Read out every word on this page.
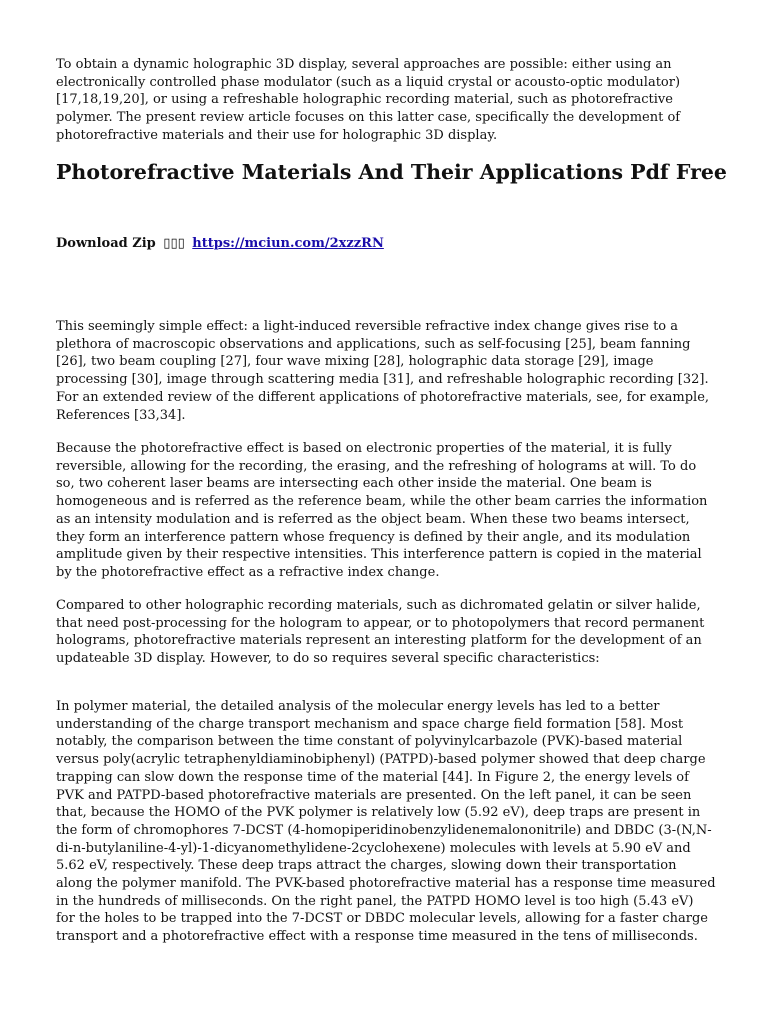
To obtain a dynamic holographic 3D display, several approaches are possible: either using an electronically controlled phase modulator (such as a liquid crystal or acousto-optic modulator) [17,18,19,20], or using a refreshable holographic recording material, such as photorefractive polymer. The present review article focuses on this latter case, specifically the development of photorefractive materials and their use for holographic 3D display.

Photorefractive Materials And Their Applications Pdf Free
Download Zip ▯▯▯ https://mciun.com/2xzzRN

This seemingly simple effect: a light-induced reversible refractive index change gives rise to a plethora of macroscopic observations and applications, such as self-focusing [25], beam fanning [26], two beam coupling [27], four wave mixing [28], holographic data storage [29], image processing [30], image through scattering media [31], and refreshable holographic recording [32]. For an extended review of the different applications of photorefractive materials, see, for example, References [33,34].

Because the photorefractive effect is based on electronic properties of the material, it is fully reversible, allowing for the recording, the erasing, and the refreshing of holograms at will. To do so, two coherent laser beams are intersecting each other inside the material. One beam is homogeneous and is referred as the reference beam, while the other beam carries the information as an intensity modulation and is referred as the object beam. When these two beams intersect, they form an interference pattern whose frequency is defined by their angle, and its modulation amplitude given by their respective intensities. This interference pattern is copied in the material by the photorefractive effect as a refractive index change.

Compared to other holographic recording materials, such as dichromated gelatin or silver halide, that need post-processing for the hologram to appear, or to photopolymers that record permanent holograms, photorefractive materials represent an interesting platform for the development of an updateable 3D display. However, to do so requires several specific characteristics:

In polymer material, the detailed analysis of the molecular energy levels has led to a better understanding of the charge transport mechanism and space charge field formation [58]. Most notably, the comparison between the time constant of polyvinylcarbazole (PVK)-based material versus poly(acrylic tetraphenyldiaminobiphenyl) (PATPD)-based polymer showed that deep charge trapping can slow down the response time of the material [44]. In Figure 2, the energy levels of PVK and PATPD-based photorefractive materials are presented. On the left panel, it can be seen that, because the HOMO of the PVK polymer is relatively low (5.92 eV), deep traps are present in the form of chromophores 7-DCST (4-homopiperidinobenzylidenemalononitrile) and DBDC (3-(N,N-di-n-butylaniline-4-yl)-1-dicyanomethylidene-2cyclohexene) molecules with levels at 5.90 eV and 5.62 eV, respectively. These deep traps attract the charges, slowing down their transportation along the polymer manifold. The PVK-based photorefractive material has a response time measured in the hundreds of milliseconds. On the right panel, the PATPD HOMO level is too high (5.43 eV) for the holes to be trapped into the 7-DCST or DBDC molecular levels, allowing for a faster charge transport and a photorefractive effect with a response time measured in the tens of milliseconds.
